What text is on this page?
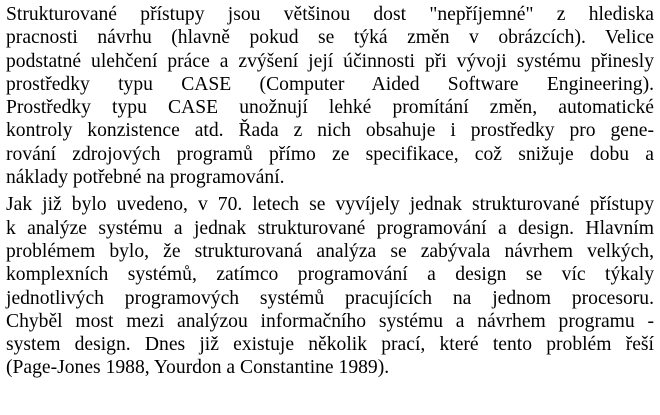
Strukturované přístupy jsou většinou dost "nepříjemné" z hlediska
pracnosti návrhu (hlavně pokud se týká změn v obrázcích). Velice
podstatné ulehčení práce a zvýšení její účinnosti při vývoji systému přinesly
prostředky typu CASE (Computer Aided Software Engineering).
Prostředky typu CASE unožnují lehké promítání změn, automatické
kontroly konzistence atd. Řada z nich obsahuje i prostředky pro gene-
rování zdrojových programů přímo ze specifikace, což snižuje dobu a
náklady potřebné na programování.

Jak již bylo uvedeno, v 70. letech se vyvíjely jednak strukturované přístupy
k analýze systému a jednak strukturované programování a design. Hlavním
problémem bylo, že strukturovaná analýza se zabývala návrhem velkých,
komplexních systémů, zatímco programování a design se víc týkaly
jednotlivých programových systémů pracujících na jednom procesoru.
Chyběl most mezi analýzou informačního systému a návrhem programu -
system design. Dnes již existuje několik prací, které tento problém řeší
(Page-Jones 1988, Yourdon a Constantine 1989).
